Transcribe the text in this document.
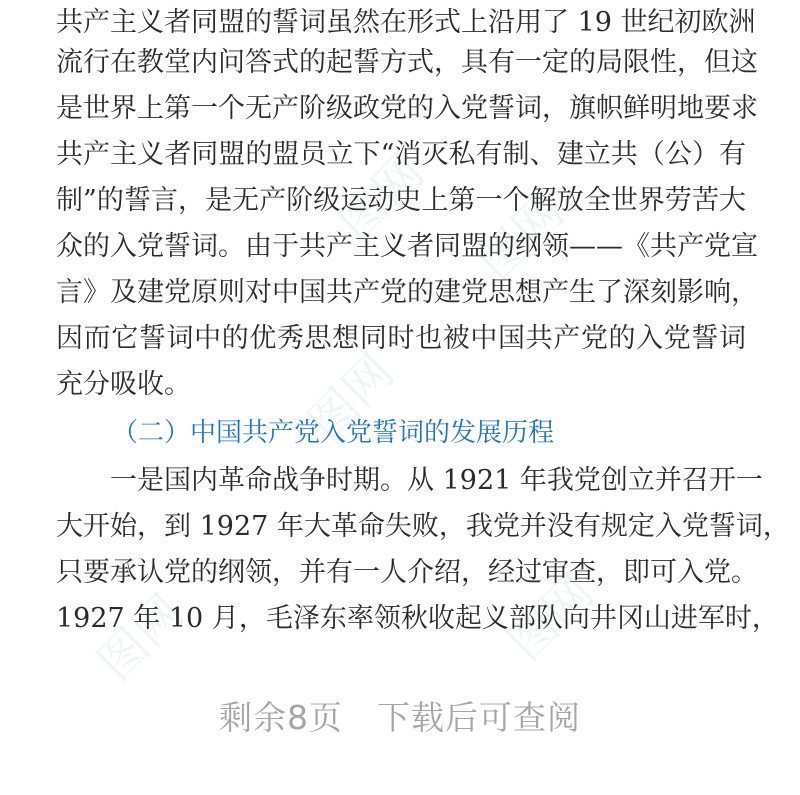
图网 图网
图网
图网
图网
共产主义者同盟的誓词虽然在形式上沿用了 19 世纪初欧洲
流行在教堂内问答式的起誓方式，具有一定的局限性，但这
是世界上第一个无产阶级政党的入党誓词，旗帜鲜明地要求
共产主义者同盟的盟员立下“消灭私有制、建立共（公）有
制”的誓言，是无产阶级运动史上第一个解放全世界劳苦大
众的入党誓词。由于共产主义者同盟的纲领——《共产党宣
言》及建党原则对中国共产党的建党思想产生了深刻影响，
因而它誓词中的优秀思想同时也被中国共产党的入党誓词
充分吸收。
（二）中国共产党入党誓词的发展历程
一是国内革命战争时期。从 1921 年我党创立并召开一
大开始，到 1927 年大革命失败，我党并没有规定入党誓词，
只要承认党的纲领，并有一人介绍，经过审查，即可入党。
1927 年 10 月，毛泽东率领秋收起义部队向井冈山进军时，
剩余8页　下载后可查阅
